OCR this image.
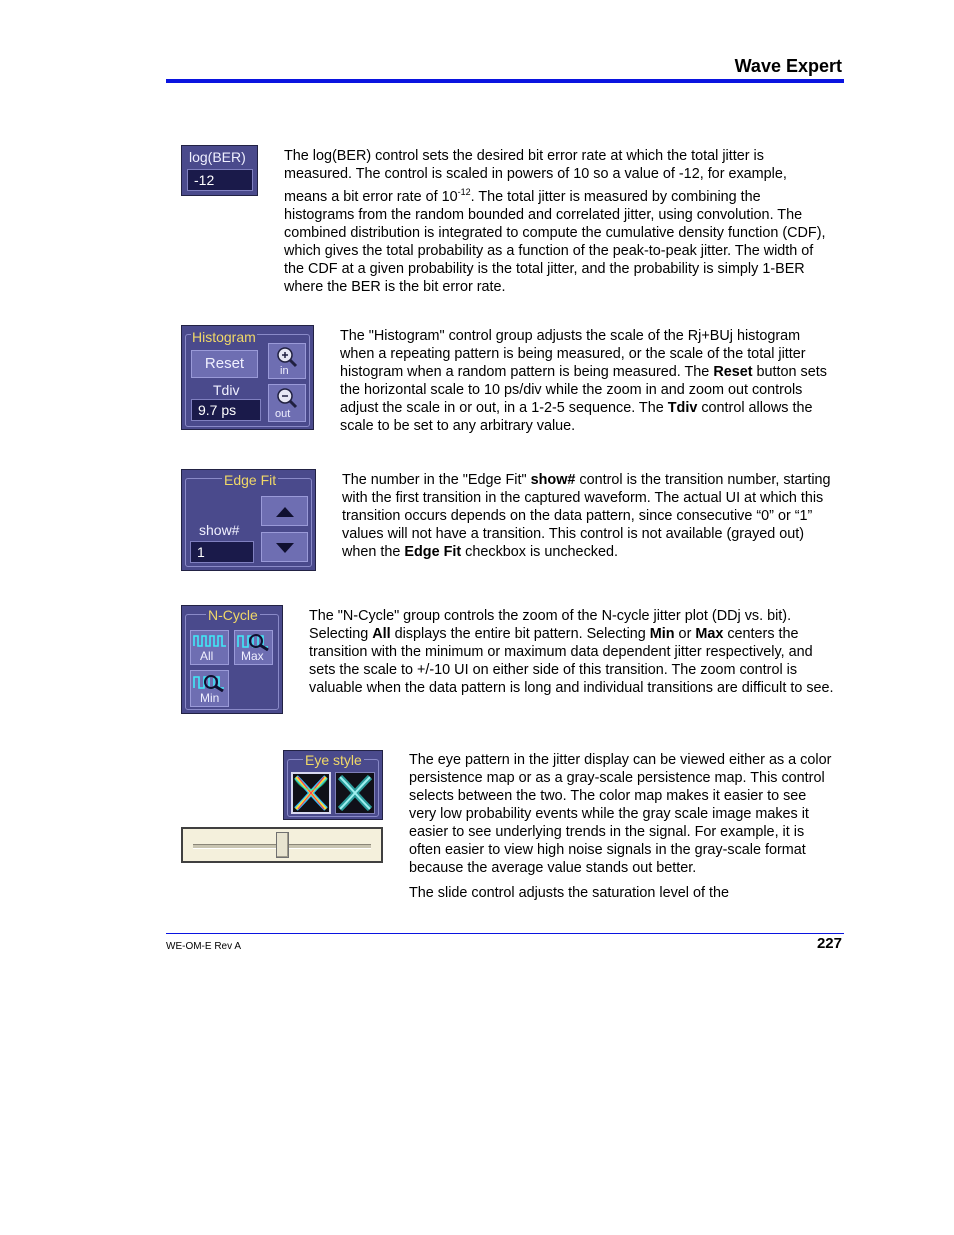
Wave Expert
log(BER)
-12
The log(BER) control sets the desired bit error rate at which the total jitter is measured. The control is scaled in powers of 10 so a value of -12, for example, means a bit error rate of $10^{-12}$. The total jitter is measured by combining the histograms from the random bounded and correlated jitter, using convolution. The combined distribution is integrated to compute the cumulative density function (CDF), which gives the total probability as a function of the peak-to-peak jitter. The width of the CDF at a given probability is the total jitter, and the probability is simply 1-BER where the BER is the bit error rate.
Histogram
Reset
Tdiv
9.7 ps
in
out
The "Histogram" control group adjusts the scale of the Rj+BUj histogram when a repeating pattern is being measured, or the scale of the total jitter histogram when a random pattern is being measured. The Reset button sets the horizontal scale to 10 ps/div while the zoom in and zoom out controls adjust the scale in or out, in a 1-2-5 sequence. The Tdiv control allows the scale to be set to any arbitrary value.
Edge Fit
show#
1
The number in the "Edge Fit" show# control is the transition number, starting with the first transition in the captured waveform. The actual UI at which this transition occurs depends on the data pattern, since consecutive “0” or “1” values will not have a transition. This control is not available (grayed out) when the Edge Fit checkbox is unchecked.
N-Cycle
All Max
Min
The "N-Cycle" group controls the zoom of the N-cycle jitter plot (DDj vs. bit). Selecting All displays the entire bit pattern. Selecting Min or Max centers the transition with the minimum or maximum data dependent jitter respectively, and sets the scale to +/-10 UI on either side of this transition. The zoom control is valuable when the data pattern is long and individual transitions are difficult to see.
Eye style	The eye pattern in the jitter display can be viewed either as a color persistence map or as a gray-scale persistence map. This control selects between the two. The color map makes it easier to see very low probability events while the gray scale image makes it easier to see underlying trends in the signal. For example, it is often easier to view high noise signals in the gray-scale format because the average value stands out better.
The slide control adjusts the saturation level of the
WE-OM-E Rev A	227
